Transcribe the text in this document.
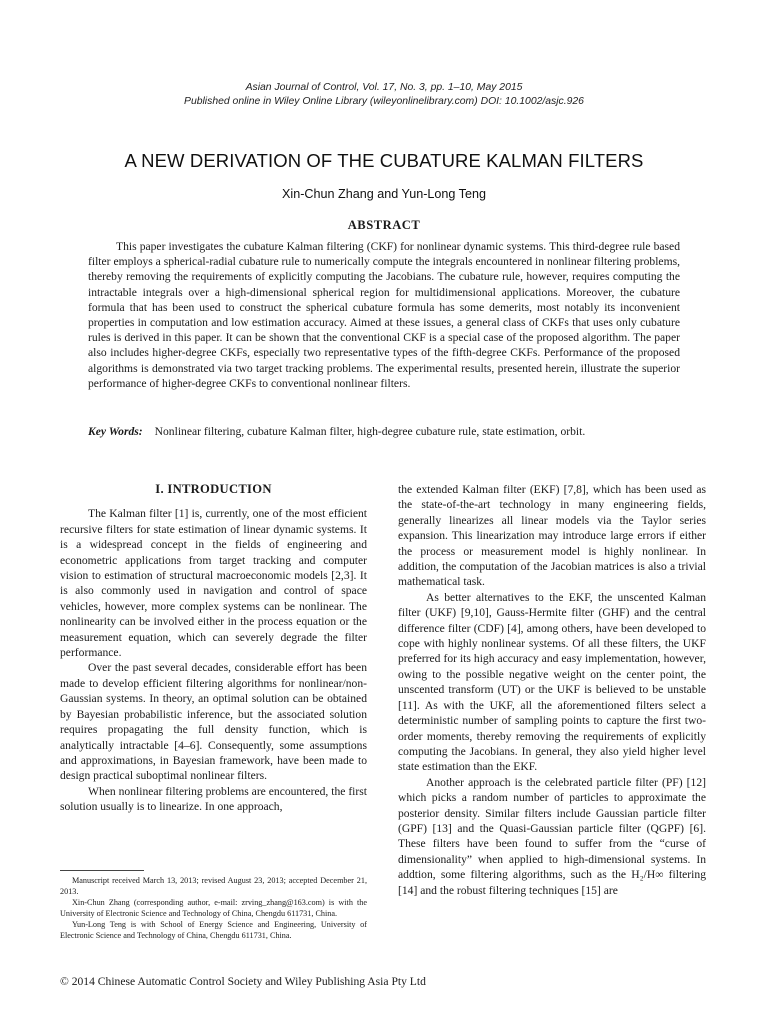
Asian Journal of Control, Vol. 17, No. 3, pp. 1–10, May 2015
Published online in Wiley Online Library (wileyonlinelibrary.com) DOI: 10.1002/asjc.926
A NEW DERIVATION OF THE CUBATURE KALMAN FILTERS
Xin-Chun Zhang and Yun-Long Teng
ABSTRACT

This paper investigates the cubature Kalman filtering (CKF) for nonlinear dynamic systems. This third-degree rule based filter employs a spherical-radial cubature rule to numerically compute the integrals encountered in nonlinear filtering problems, thereby removing the requirements of explicitly computing the Jacobians. The cubature rule, however, requires computing the intractable integrals over a high-dimensional spherical region for multidimensional applications. Moreover, the cubature formula that has been used to construct the spherical cubature formula has some demerits, most notably its inconvenient properties in computation and low estimation accuracy. Aimed at these issues, a general class of CKFs that uses only cubature rules is derived in this paper. It can be shown that the conventional CKF is a special case of the proposed algorithm. The paper also includes higher-degree CKFs, especially two representative types of the fifth-degree CKFs. Performance of the proposed algorithms is demonstrated via two target tracking problems. The experimental results, presented herein, illustrate the superior performance of higher-degree CKFs to conventional nonlinear filters.

Key Words: Nonlinear filtering, cubature Kalman filter, high-degree cubature rule, state estimation, orbit.
I. INTRODUCTION

The Kalman filter [1] is, currently, one of the most efficient recursive filters for state estimation of linear dynamic systems. It is a widespread concept in the fields of engineering and econometric applications from target tracking and computer vision to estimation of structural macroeconomic models [2,3]. It is also commonly used in navigation and control of space vehicles, however, more complex systems can be nonlinear. The nonlinearity can be involved either in the process equation or the measurement equation, which can severely degrade the filter performance.

Over the past several decades, considerable effort has been made to develop efficient filtering algorithms for nonlinear/non-Gaussian systems. In theory, an optimal solution can be obtained by Bayesian probabilistic inference, but the associated solution requires propagating the full density function, which is analytically intractable [4–6]. Consequently, some assumptions and approximations, in Bayesian framework, have been made to design practical suboptimal nonlinear filters.

When nonlinear filtering problems are encountered, the first solution usually is to linearize. In one approach,

the extended Kalman filter (EKF) [7,8], which has been used as the state-of-the-art technology in many engineering fields, generally linearizes all linear models via the Taylor series expansion. This linearization may introduce large errors if either the process or measurement model is highly nonlinear. In addition, the computation of the Jacobian matrices is also a trivial mathematical task.

As better alternatives to the EKF, the unscented Kalman filter (UKF) [9,10], Gauss-Hermite filter (GHF) and the central difference filter (CDF) [4], among others, have been developed to cope with highly nonlinear systems. Of all these filters, the UKF preferred for its high accuracy and easy implementation, however, owing to the possible negative weight on the center point, the unscented transform (UT) or the UKF is believed to be unstable [11]. As with the UKF, all the aforementioned filters select a deterministic number of sampling points to capture the first two-order moments, thereby removing the requirements of explicitly computing the Jacobians. In general, they also yield higher level state estimation than the EKF.

Another approach is the celebrated particle filter (PF) [12] which picks a random number of particles to approximate the posterior density. Similar filters include Gaussian particle filter (GPF) [13] and the Quasi-Gaussian particle filter (QGPF) [6]. These filters have been found to suffer from the “curse of dimensionality” when applied to high-dimensional systems. In addtion, some filtering algorithms, such as the H₂/H∞ filtering [14] and the robust filtering techniques [15] are

Manuscript received March 13, 2013; revised August 23, 2013; accepted December 21, 2013.

Xin-Chun Zhang (corresponding author, e-mail: zrving_zhang@163.com) is with the University of Electronic Science and Technology of China, Chengdu 611731, China.

Yun-Long Teng is with School of Energy Science and Engineering, University of Electronic Science and Technology of China, Chengdu 611731, China.

© 2014 Chinese Automatic Control Society and Wiley Publishing Asia Pty Ltd
